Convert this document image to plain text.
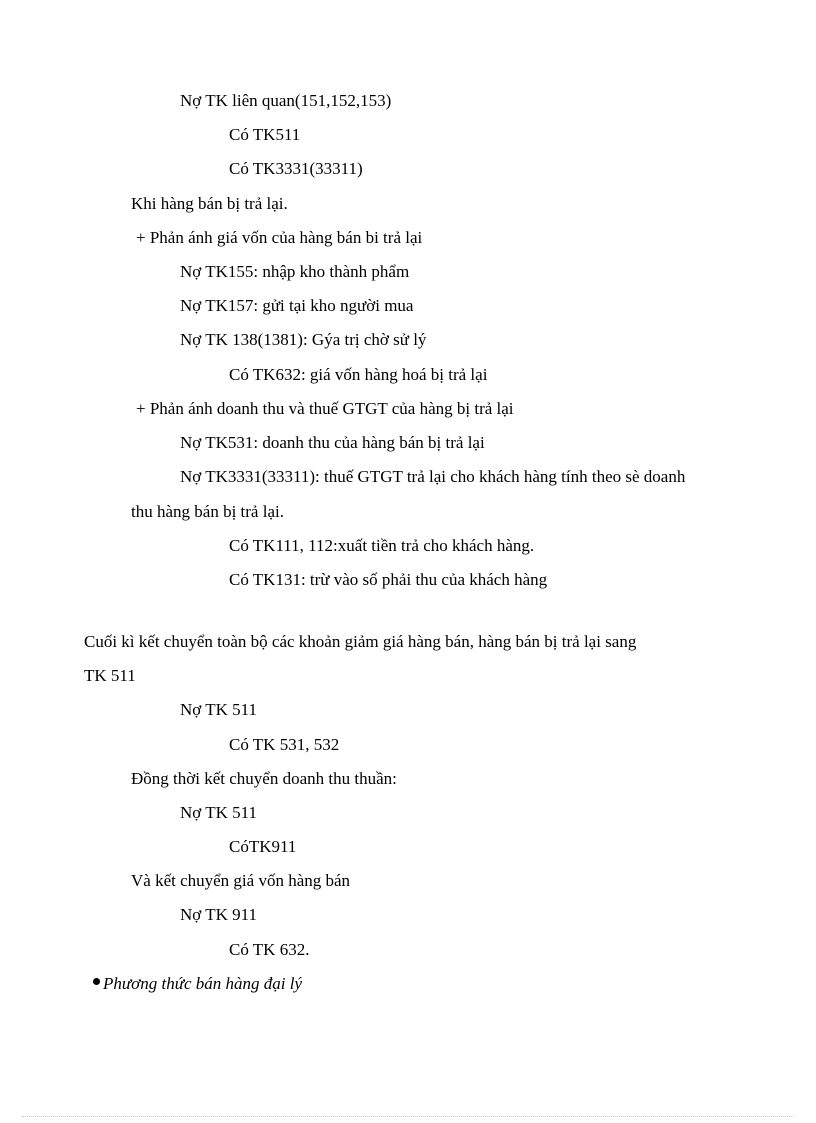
Nợ TK liên quan(151,152,153)
Có TK511
Có TK3331(33311)
Khi hàng bán bị trả lại.
+ Phản ánh giá vốn của hàng bán bi trả lại
Nợ TK155: nhập kho thành phẩm
Nợ TK157: gửi tại kho người mua
Nợ TK 138(1381): Gýa trị chờ sử lý
Có TK632: giá vốn hàng hoá bị trả lại
+ Phản ánh doanh thu và thuế GTGT của hàng bị trả lại
Nợ TK531: doanh thu của hàng bán bị trả lại
Nợ TK3331(33311): thuế GTGT trả lại cho khách hàng tính theo sè doanh
thu hàng bán bị trả lại.
Có TK111, 112:xuất tiền trả cho khách hàng.
Có TK131: trừ vào số phải thu của khách hàng
Cuối kì kết chuyển toàn bộ các khoản giảm giá hàng bán, hàng bán bị trả lại sang
TK 511
Nợ TK 511
Có TK 531, 532
Đồng thời kết chuyển doanh thu thuần:
Nợ TK 511
CóTK911
Và kết chuyển giá vốn hàng bán
Nợ TK 911
Có TK 632.
Phương thức bán hàng đại lý
